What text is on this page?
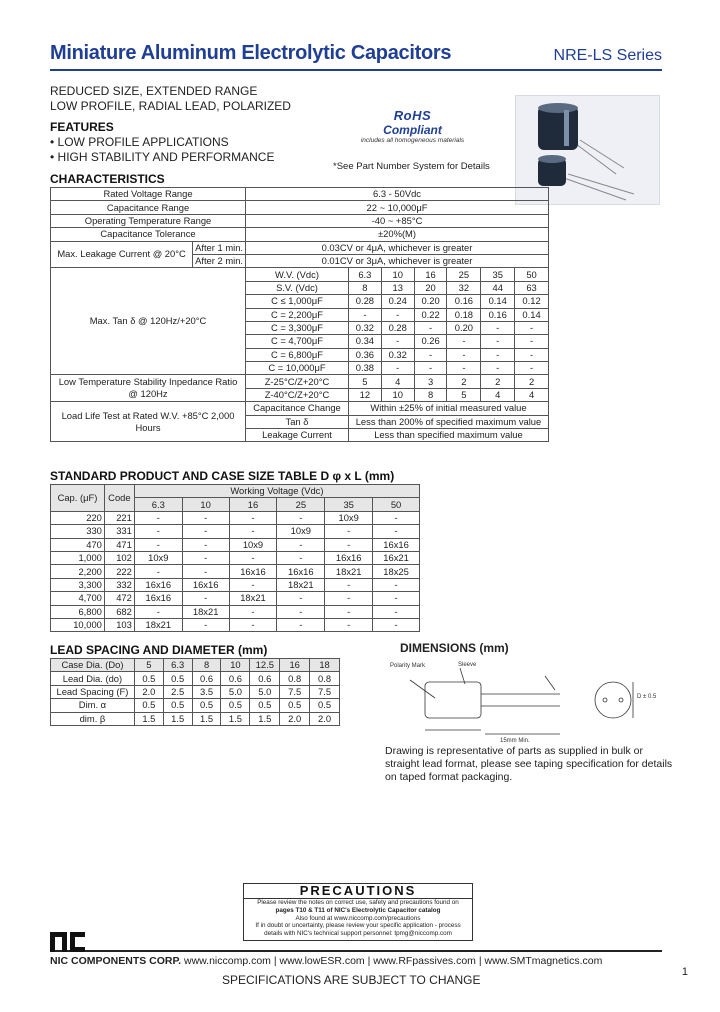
Miniature Aluminum Electrolytic Capacitors	NRE-LS Series
REDUCED SIZE, EXTENDED RANGE
LOW PROFILE, RADIAL LEAD, POLARIZED
FEATURES
• LOW PROFILE APPLICATIONS
• HIGH STABILITY AND PERFORMANCE
RoHS
Compliant
includes all homogeneous materials
*See Part Number System for Details
CHARACTERISTICS
Rated Voltage Range		6.3 - 50Vdc						
Capacitance Range		22 ~ 10,000μF						
Operating Temperature Range		-40 ~ +85°C						
Capacitance Tolerance		±20%(M)						
Max. Leakage Current @ 20°C	After 1 min.	0.03CV or 4μA, whichever is greater						
	After 2 min.	0.01CV or 3μA, whichever is greater						
Max. Tan δ @ 120Hz/+20°C		W.V. (Vdc)	6.3	10	16	25	35	50
		S.V. (Vdc)	8	13	20	32	44	63
		C ≤ 1,000μF	0.28	0.24	0.20	0.16	0.14	0.12
		C = 2,200μF	-	-	0.22	0.18	0.16	0.14
		C = 3,300μF	0.32	0.28	-	0.20	-	-
		C = 4,700μF	0.34	-	0.26	-	-	-
		C = 6,800μF	0.36	0.32	-	-	-	-
		C = 10,000μF	0.38	-	-	-	-	-
Low Temperature Stability Inpedance Ratio @ 120Hz		Z-25°C/Z+20°C	5	4	3	2	2	2
		Z-40°C/Z+20°C	12	10	8	5	4	4
Load Life Test at Rated W.V. +85°C 2,000 Hours		Capacitance Change	Within ±25% of initial measured value					
		Tan δ	Less than 200% of specified maximum value					
		Leakage Current	Less than specified maximum value					
STANDARD PRODUCT AND CASE SIZE TABLE D φ x L (mm)
Cap. (μF)	Code	Working Voltage (Vdc)					
		6.3	10	16	25	35	50
220	221	-	-	-	-	10x9	-
330	331	-	-	-	10x9	-	-
470	471	-	-	10x9	-	-	16x16
1,000	102	10x9	-	-	-	16x16	16x21
2,200	222	-	-	16x16	16x16	18x21	18x25
3,300	332	16x16	16x16	-	18x21	-	-
4,700	472	16x16	-	18x21	-	-	-
6,800	682	-	18x21	-	-	-	-
10,000	103	18x21	-	-	-	-	-
LEAD SPACING AND DIAMETER (mm)
Case Dia. (Do)	5	6.3	8	10	12.5	16	18
Lead Dia. (do)	0.5	0.5	0.6	0.6	0.6	0.8	0.8
Lead Spacing (F)	2.0	2.5	3.5	5.0	5.0	7.5	7.5
Dim. α	0.5	0.5	0.5	0.5	0.5	0.5	0.5
dim. β	1.5	1.5	1.5	1.5	1.5	2.0	2.0
DIMENSIONS (mm)
Polarity Mark	Sleeve
D ± 0.5
15mm Min.
Drawing is representative of parts as supplied in bulk or straight lead format, please see taping specification for details on taped format packaging.
PRECAUTIONS
Please review the notes on correct use, safety and precautions found on
pages T10 & T11 of NIC's Electrolytic Capacitor catalog
Also found at www.niccomp.com/precautions
If in doubt or uncertainty, please review your specific application - process
details with NIC's technical support personnel: tpmg@niccomp.com
NIC COMPONENTS CORP. www.niccomp.com | www.lowESR.com | www.RFpassives.com | www.SMTmagnetics.com
SPECIFICATIONS ARE SUBJECT TO CHANGE
1
